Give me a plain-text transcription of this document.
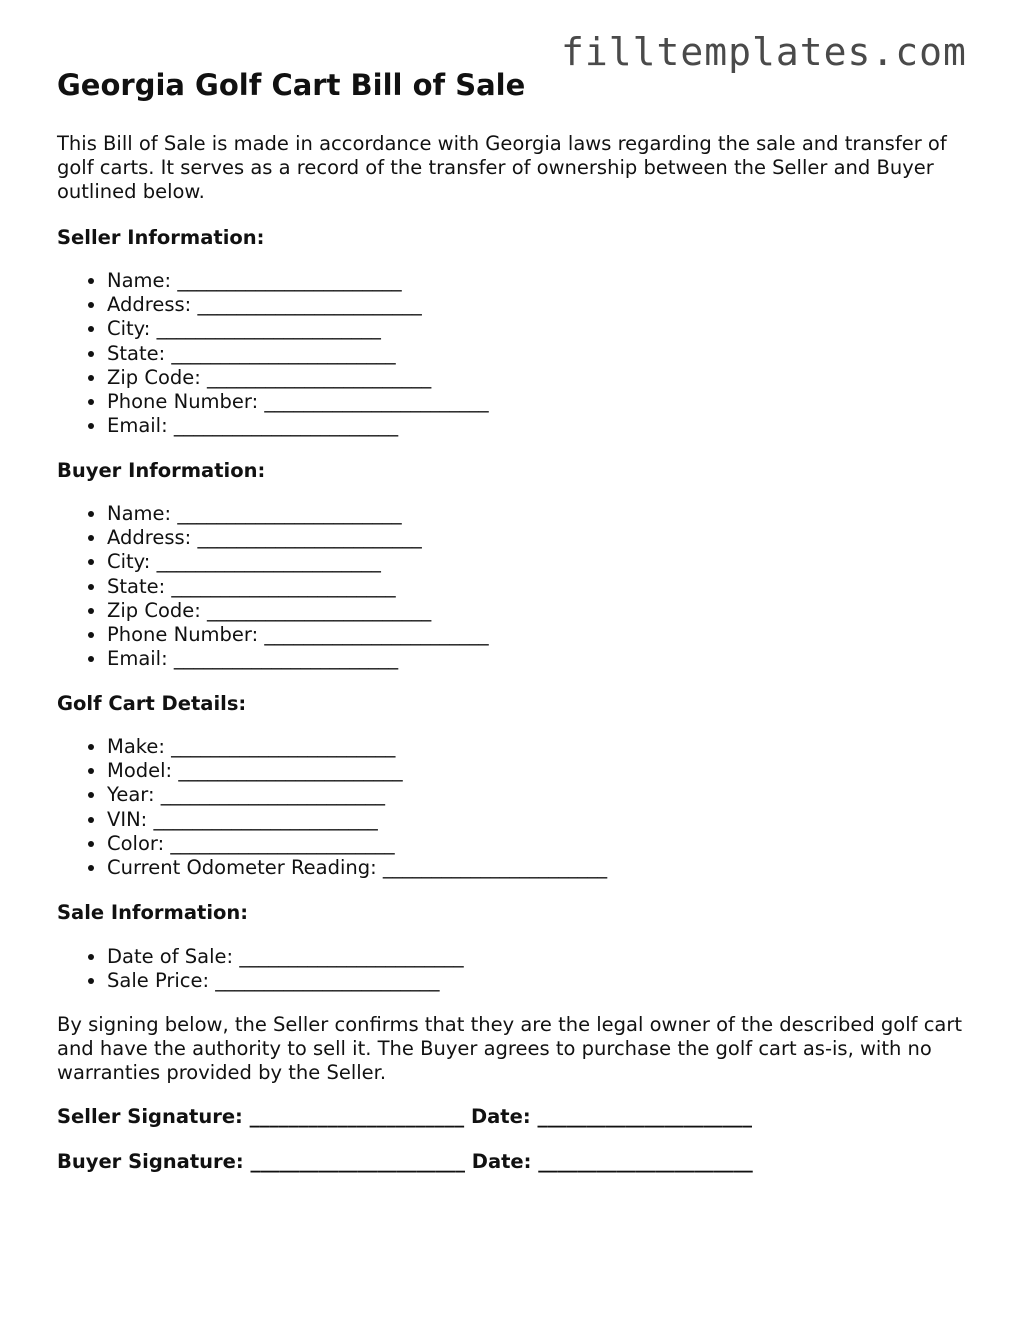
filltemplates.com
Georgia Golf Cart Bill of Sale

This Bill of Sale is made in accordance with Georgia laws regarding the sale and transfer of golf carts. It serves as a record of the transfer of ownership between the Seller and Buyer outlined below.

Seller Information:

• Name: _______________________
• Address: _______________________
• City: _______________________
• State: _______________________
• Zip Code: _______________________
• Phone Number: _______________________
• Email: _______________________

Buyer Information:

• Name: _______________________
• Address: _______________________
• City: _______________________
• State: _______________________
• Zip Code: _______________________
• Phone Number: _______________________
• Email: _______________________

Golf Cart Details:

• Make: _______________________
• Model: _______________________
• Year: _______________________
• VIN: _______________________
• Color: _______________________
• Current Odometer Reading: _______________________

Sale Information:

• Date of Sale: _______________________
• Sale Price: _______________________

By signing below, the Seller confirms that they are the legal owner of the described golf cart and have the authority to sell it. The Buyer agrees to purchase the golf cart as-is, with no warranties provided by the Seller.

Seller Signature: ______________________ Date: ______________________

Buyer Signature: ______________________ Date: ______________________
